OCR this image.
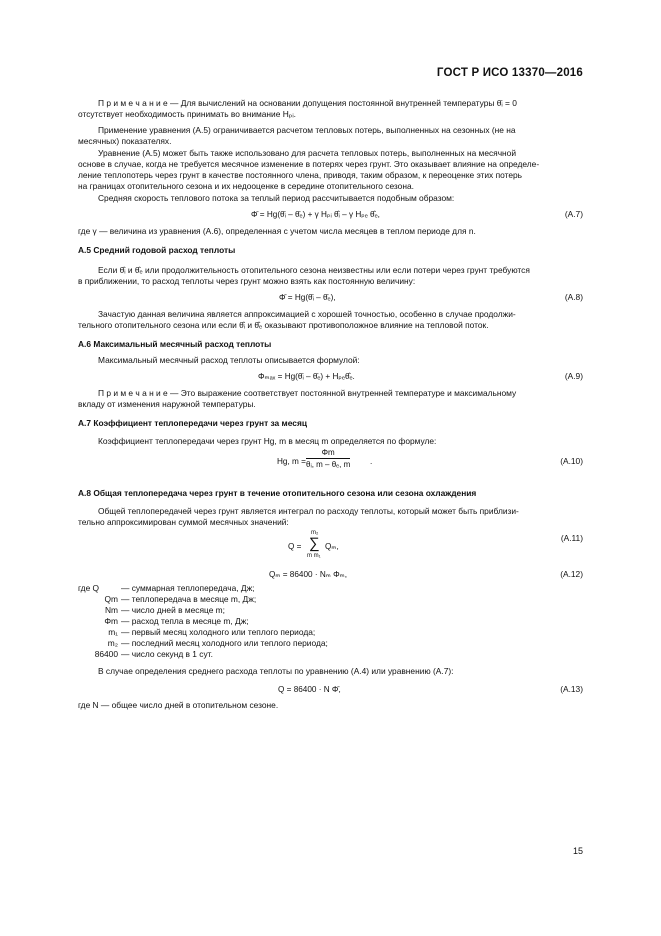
ГОСТ Р ИСО 13370—2016
П р и м е ч а н и е — Для вычислений на основании допущения постоянной внутренней температуры θ̄ᵢ = 0
отсутствует необходимость принимать во внимание Hₚᵢ.
Применение уравнения (А.5) ограничивается расчетом тепловых потерь, выполненных на сезонных (не на
месячных) показателях.
Уравнение (А.5) может быть также использовано для расчета тепловых потерь, выполненных на месячной
основе в случае, когда не требуется месячное изменение в потерях через грунт. Это оказывает влияние на определе-
ление теплопотерь через грунт в качестве постоянного члена, приводя, таким образом, к переоценке этих потерь
на границах отопительного сезона и их недооценке в середине отопительного сезона.
Средняя скорость теплового потока за теплый период рассчитывается подобным образом:
Φ̄ = Hg(θ̄ᵢ – θ̄ₑ) + γ Hₚᵢ θ̂ᵢ – γ Hₚₑ θ̂ₑ,	(А.7)
где γ — величина из уравнения (А.6), определенная с учетом числа месяцев в теплом периоде для n.
А.5 Средний годовой расход теплоты
Если θ̂ᵢ и θ̂ₑ или продолжительность отопительного сезона неизвестны или если потери через грунт требуются
в приближении, то расход теплоты через грунт можно взять как постоянную величину:
Φ̄ = Hg(θ̄ᵢ – θ̄ₑ),	(А.8)
Зачастую данная величина является аппроксимацией с хорошей точностью, особенно в случае продолжи-
тельного отопительного сезона или если θ̂ᵢ и θ̂ₑ оказывают противоположное влияние на тепловой поток.
А.6 Максимальный месячный расход теплоты
Максимальный месячный расход теплоты описывается формулой:
Φₘₐₓ = Hg(θ̄ᵢ – θ̄ₑ) + Hₚₑθ̂ₑ.	(А.9)
П р и м е ч а н и е — Это выражение соответствует постоянной внутренней температуре и максимальному
вкладу от изменения наружной температуры.
А.7 Коэффициент теплопередачи через грунт за месяц
Коэффициент теплопередачи через грунт Hg, m в месяц m определяется по формуле:
Hg, $m = \frac{\Phi m}{\text{θᵢ, m – θₑ, m}}$ .	(А.10)
А.8 Общая теплопередача через грунт в течение отопительного сезона или сезона охлаждения
Общей теплопередачей через грунт является интеграл по расходу теплоты, который может быть приблизи-
тельно аппроксимирован суммой месячных значений:
Q =
m₂
∑
m m₁
Qₘ,
(А.11)
Qₘ = 86400 · Nₘ Φₘ,	(А.12)
где Q	— суммарная теплопередача, Дж;
Qm — теплопередача в месяце m, Дж;
Nm — число дней в месяце m;
Φm — расход тепла в месяце m, Дж;
m₁ — первый месяц холодного или теплого периода;
m₂ — последний месяц холодного или теплого периода;
86400 — число секунд в 1 сут.
В случае определения среднего расхода теплоты по уравнению (А.4) или уравнению (А.7):
Q = 86400 · N Φ̄,	(А.13)
где N — общее число дней в отопительном сезоне.
15
